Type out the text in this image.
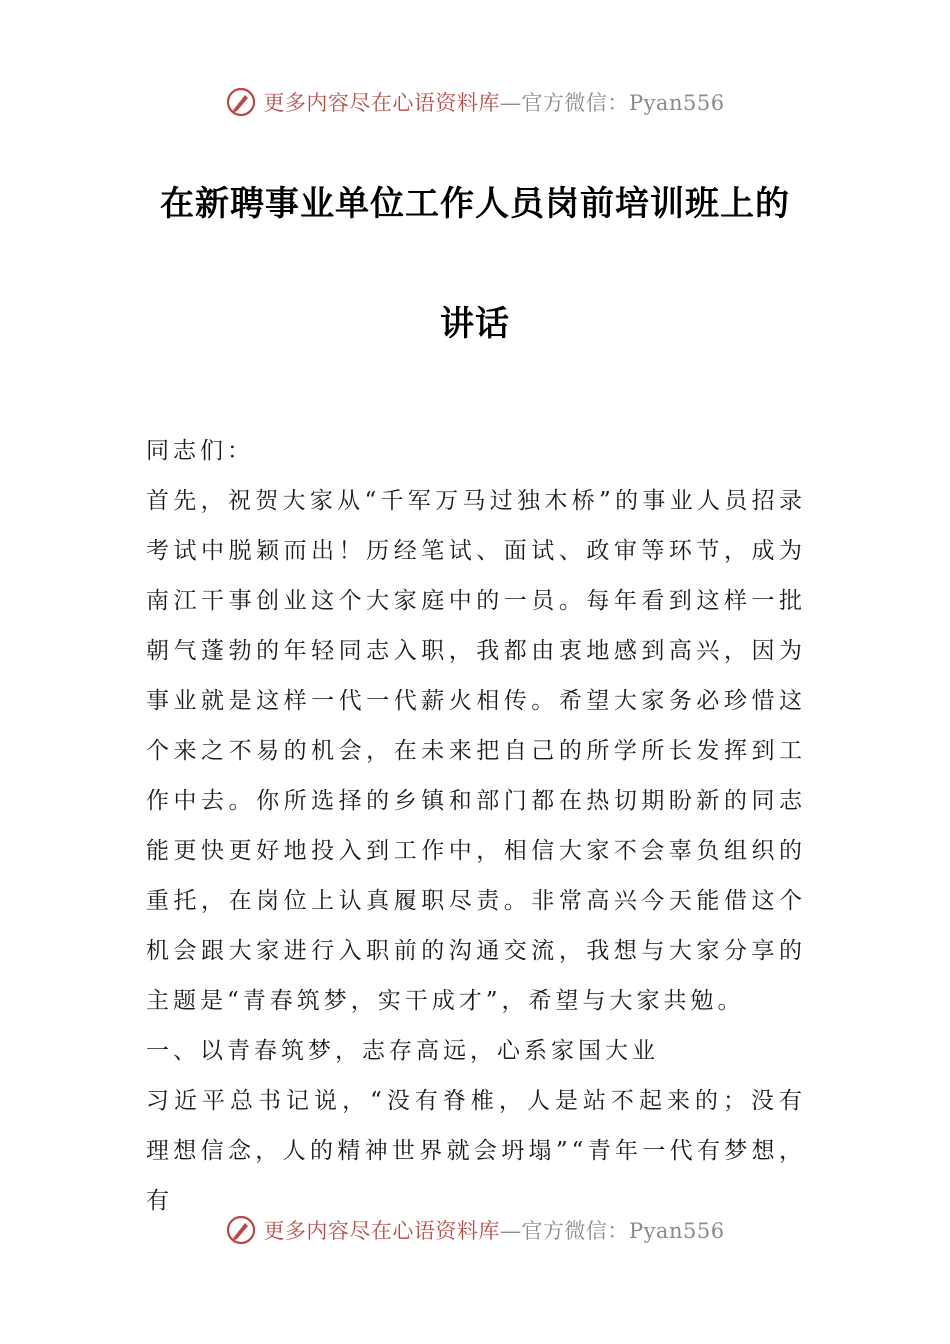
更多内容尽在心语资料库—官方微信：Pyan556
在新聘事业单位工作人员岗前培训班上的
讲话

同志们：

首先，祝贺大家从“千军万马过独木桥”的事业人员招录考试中脱颖而出！历经笔试、面试、政审等环节，成为南江干事创业这个大家庭中的一员。每年看到这样一批朝气蓬勃的年轻同志入职，我都由衷地感到高兴，因为事业就是这样一代一代薪火相传。希望大家务必珍惜这个来之不易的机会，在未来把自己的所学所长发挥到工作中去。你所选择的乡镇和部门都在热切期盼新的同志能更快更好地投入到工作中，相信大家不会辜负组织的重托，在岗位上认真履职尽责。非常高兴今天能借这个机会跟大家进行入职前的沟通交流，我想与大家分享的主题是“青春筑梦，实干成才”，希望与大家共勉。

一、以青春筑梦，志存高远，心系家国大业

习近平总书记说，“没有脊椎，人是站不起来的；没有理想信念，人的精神世界就会坍塌”“青年一代有梦想，有

更多内容尽在心语资料库—官方微信：Pyan556
